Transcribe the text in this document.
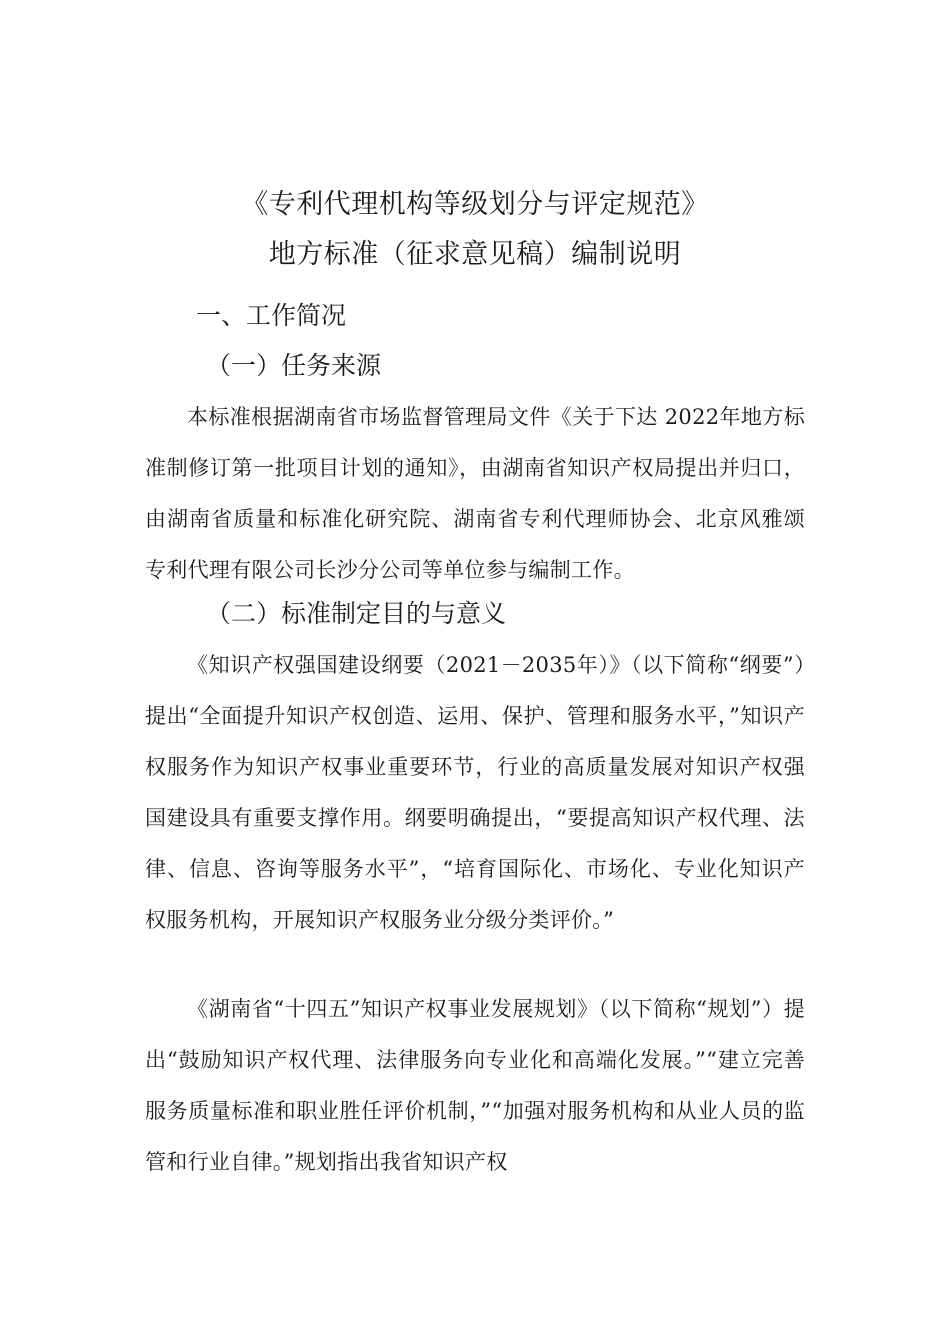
《专利代理机构等级划分与评定规范》
地方标准（征求意见稿）编制说明
一、工作简况
（一）任务来源
本标准根据湖南省市场监督管理局文件《关于下达 2022年地方标准制修订第一批项目计划的通知》，由湖南省知识产权局提出并归口，由湖南省质量和标准化研究院、湖南省专利代理师协会、北京风雅颂专利代理有限公司长沙分公司等单位参与编制工作。
（二）标准制定目的与意义
《知识产权强国建设纲要（2021－2035年）》（以下简称“纲要”）提出“全面提升知识产权创造、运用、保护、管理和服务水平，”知识产权服务作为知识产权事业重要环节，行业的高质量发展对知识产权强国建设具有重要支撑作用。纲要明确提出，“要提高知识产权代理、法律、信息、咨询等服务水平”，“培育国际化、市场化、专业化知识产权服务机构，开展知识产权服务业分级分类评价。”
《湖南省“十四五”知识产权事业发展规划》（以下简称“规划”）提出“鼓励知识产权代理、法律服务向专业化和高端化发展。”“建立完善服务质量标准和职业胜任评价机制，”“加强对服务机构和从业人员的监管和行业自律。”规划指出我省知识产权
